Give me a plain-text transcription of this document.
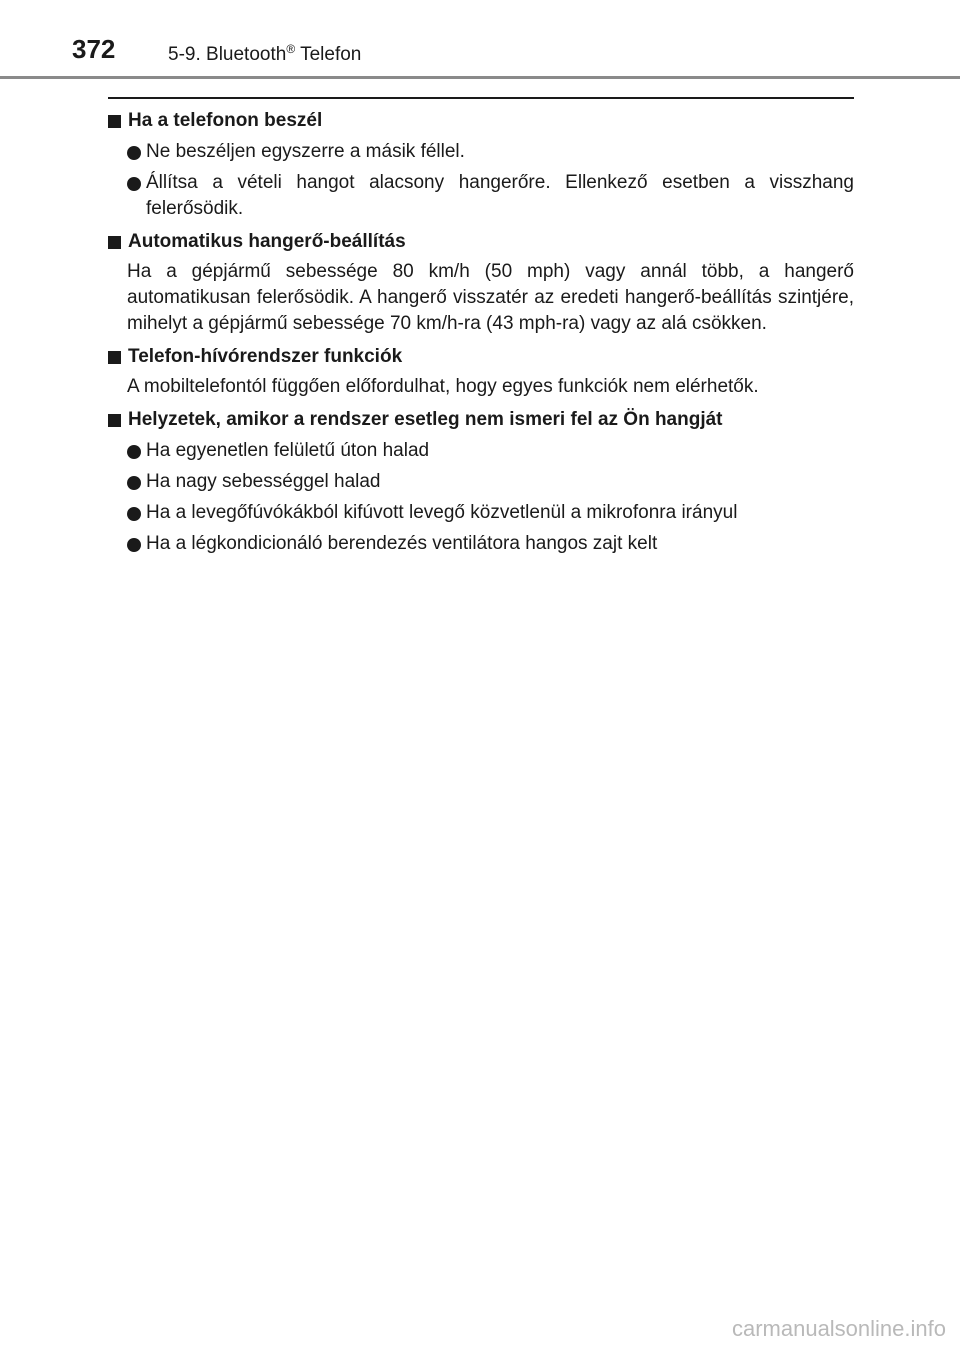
372	5-9. Bluetooth® Telefon
Ha a telefonon beszél
Ne beszéljen egyszerre a másik féllel.
Állítsa a vételi hangot alacsony hangerőre. Ellenkező esetben a visszhang felerősödik.
Automatikus hangerő-beállítás
Ha a gépjármű sebessége 80 km/h (50 mph) vagy annál több, a hangerő automatikusan felerősödik. A hangerő visszatér az eredeti hangerő-beállítás szintjére, mihelyt a gépjármű sebessége 70 km/h-ra (43 mph-ra) vagy az alá csökken.
Telefon-hívórendszer funkciók
A mobiltelefontól függően előfordulhat, hogy egyes funkciók nem elérhetők.
Helyzetek, amikor a rendszer esetleg nem ismeri fel az Ön hangját
Ha egyenetlen felületű úton halad
Ha nagy sebességgel halad
Ha a levegőfúvókákból kifúvott levegő közvetlenül a mikrofonra irányul
Ha a légkondicionáló berendezés ventilátora hangos zajt kelt
carmanualsonline.info
